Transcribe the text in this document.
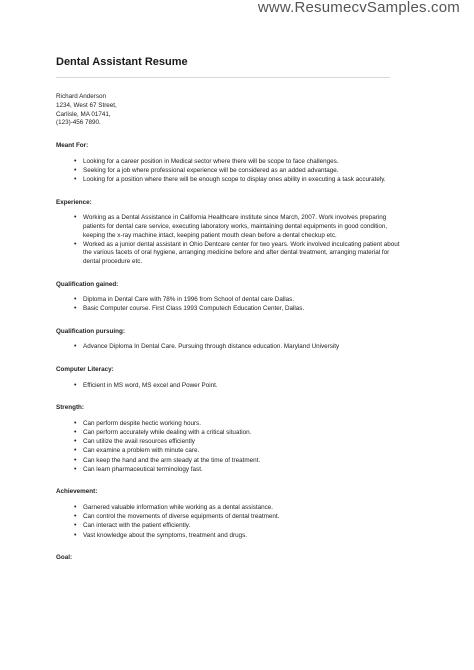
www.ResumecvSamples.com
Dental Assistant Resume
Richard Anderson
1234, West 67 Street,
Carlisle, MA 01741,
(123)-456 7890.
Meant For:
• Looking for a career position in Medical sector where there will be scope to face challenges.
• Seeking for a job where professional experience will be considered as an added advantage.
• Looking for a position where there will be enough scope to display ones ability in executing a task accurately.
Experience:
• Working as a Dental Assistance in California Healthcare institute since March, 2007. Work involves preparing patients for dental care service, executing laboratory works, maintaining dental equipments in good condition, keeping the x-ray machine intact, keeping patient mouth clean before a dental checkup etc.
• Worked as a junior dental assistant in Ohio Dentcare center for two years. Work involved inculcating patient about the various facets of oral hygiene, arranging medicine before and after dental treatment, arranging material for dental procedure etc.
Qualification gained:
• Diploma in Dental Care with 78% in 1996 from School of dental care Dallas.
• Basic Computer course. First Class 1993 Computech Education Center, Dallas.
Qualification pursuing:
• Advance Diploma In Dental Care. Pursuing through distance education. Maryland University
Computer Literacy:
• Efficient in MS word, MS excel and Power Point.
Strength:
• Can perform despite hectic working hours.
• Can perform accurately while dealing with a critical situation.
• Can utilize the avail resources efficiently
• Can examine a problem with minute care.
• Can keep the hand and the arm steady at the time of treatment.
• Can learn pharmaceutical terminology fast.
Achievement:
• Garnered valuable information while working as a dental assistance.
• Can control the movements of diverse equipments of dental treatment.
• Can interact with the patient efficiently.
• Vast knowledge about the symptoms, treatment and drugs.
Goal:
